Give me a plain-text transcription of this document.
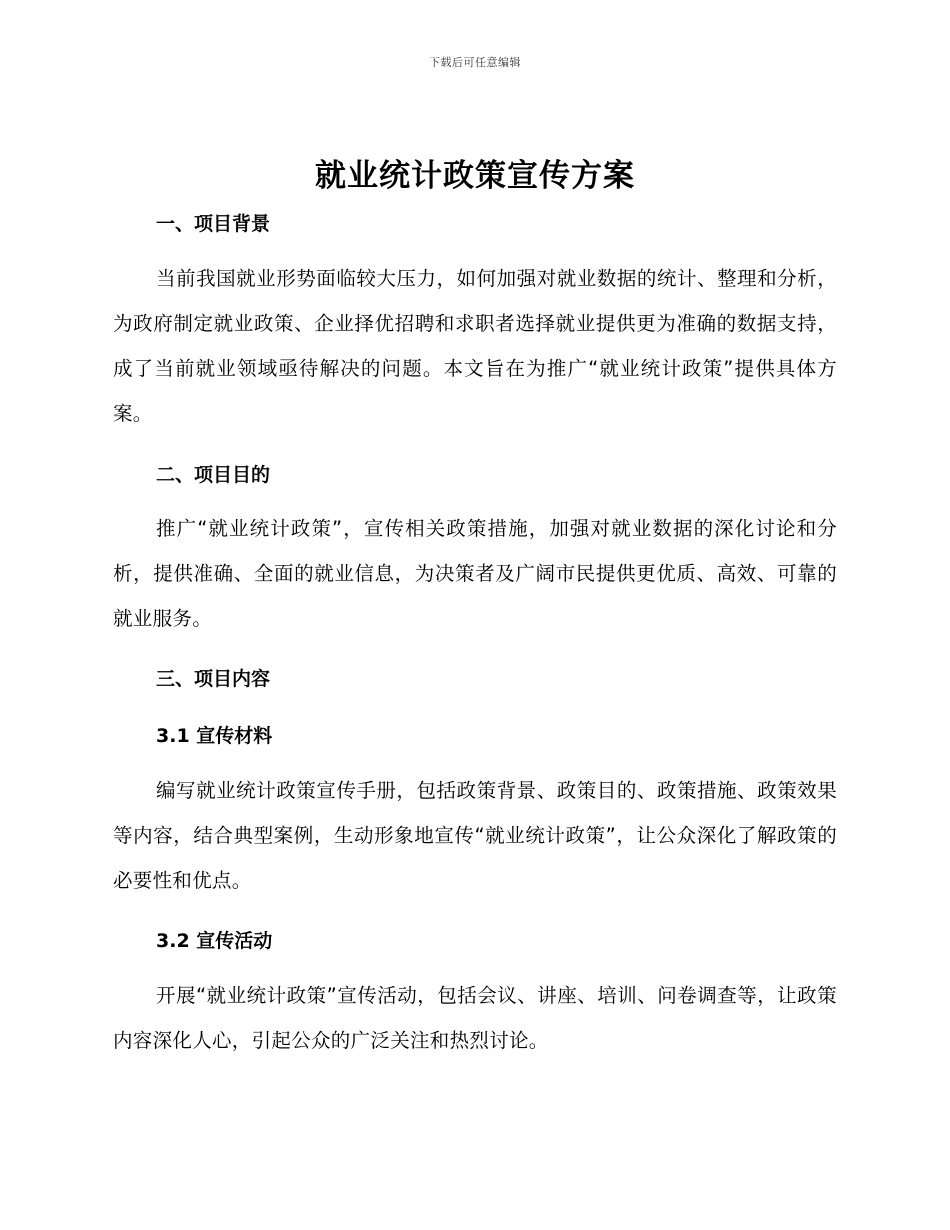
下载后可任意编辑
就业统计政策宣传方案
一、项目背景
当前我国就业形势面临较大压力，如何加强对就业数据的统计、整理和分析，为政府制定就业政策、企业择优招聘和求职者选择就业提供更为准确的数据支持，成了当前就业领域亟待解决的问题。本文旨在为推广“就业统计政策”提供具体方案。
二、项目目的
推广“就业统计政策”，宣传相关政策措施，加强对就业数据的深化讨论和分析，提供准确、全面的就业信息，为决策者及广阔市民提供更优质、高效、可靠的就业服务。
三、项目内容
3.1 宣传材料
编写就业统计政策宣传手册，包括政策背景、政策目的、政策措施、政策效果等内容，结合典型案例，生动形象地宣传“就业统计政策”，让公众深化了解政策的必要性和优点。
3.2 宣传活动
开展“就业统计政策”宣传活动，包括会议、讲座、培训、问卷调查等，让政策内容深化人心，引起公众的广泛关注和热烈讨论。
